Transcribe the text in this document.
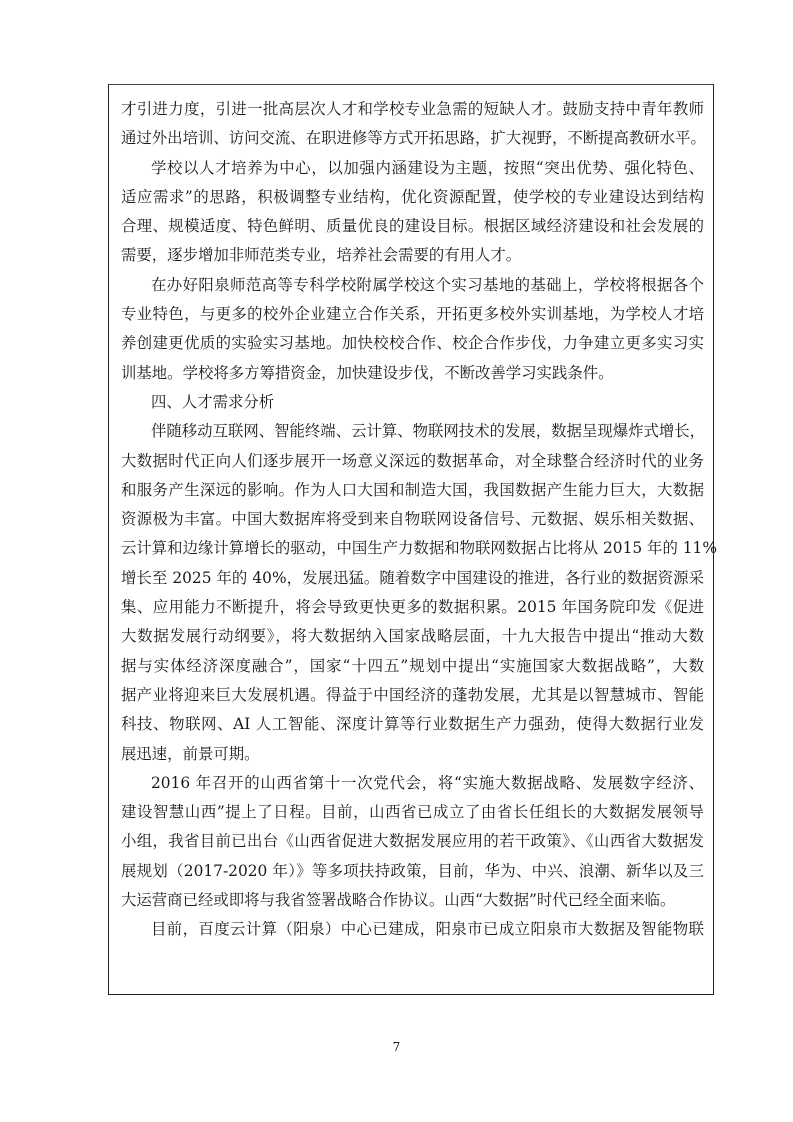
才引进力度，引进一批高层次人才和学校专业急需的短缺人才。鼓励支持中青年教师
通过外出培训、访问交流、在职进修等方式开拓思路，扩大视野，不断提高教研水平。
学校以人才培养为中心，以加强内涵建设为主题，按照“突出优势、强化特色、
适应需求”的思路，积极调整专业结构，优化资源配置，使学校的专业建设达到结构
合理、规模适度、特色鲜明、质量优良的建设目标。根据区域经济建设和社会发展的
需要，逐步增加非师范类专业，培养社会需要的有用人才。
在办好阳泉师范高等专科学校附属学校这个实习基地的基础上，学校将根据各个
专业特色，与更多的校外企业建立合作关系，开拓更多校外实训基地，为学校人才培
养创建更优质的实验实习基地。加快校校合作、校企合作步伐，力争建立更多实习实
训基地。学校将多方筹措资金，加快建设步伐，不断改善学习实践条件。
四、人才需求分析
伴随移动互联网、智能终端、云计算、物联网技术的发展，数据呈现爆炸式增长，
大数据时代正向人们逐步展开一场意义深远的数据革命，对全球整合经济时代的业务
和服务产生深远的影响。作为人口大国和制造大国，我国数据产生能力巨大，大数据
资源极为丰富。中国大数据库将受到来自物联网设备信号、元数据、娱乐相关数据、
云计算和边缘计算增长的驱动，中国生产力数据和物联网数据占比将从 2015 年的 11%
增长至 2025 年的 40%，发展迅猛。随着数字中国建设的推进，各行业的数据资源采
集、应用能力不断提升，将会导致更快更多的数据积累。2015 年国务院印发《促进
大数据发展行动纲要》，将大数据纳入国家战略层面，十九大报告中提出“推动大数
据与实体经济深度融合”，国家“十四五”规划中提出“实施国家大数据战略”，大数
据产业将迎来巨大发展机遇。得益于中国经济的蓬勃发展，尤其是以智慧城市、智能
科技、物联网、AI 人工智能、深度计算等行业数据生产力强劲，使得大数据行业发
展迅速，前景可期。
2016 年召开的山西省第十一次党代会，将“实施大数据战略、发展数字经济、
建设智慧山西”提上了日程。目前，山西省已成立了由省长任组长的大数据发展领导
小组，我省目前已出台《山西省促进大数据发展应用的若干政策》、《山西省大数据发
展规划（2017-2020 年）》等多项扶持政策，目前，华为、中兴、浪潮、新华以及三
大运营商已经或即将与我省签署战略合作协议。山西“大数据”时代已经全面来临。
目前，百度云计算（阳泉）中心已建成，阳泉市已成立阳泉市大数据及智能物联
7
